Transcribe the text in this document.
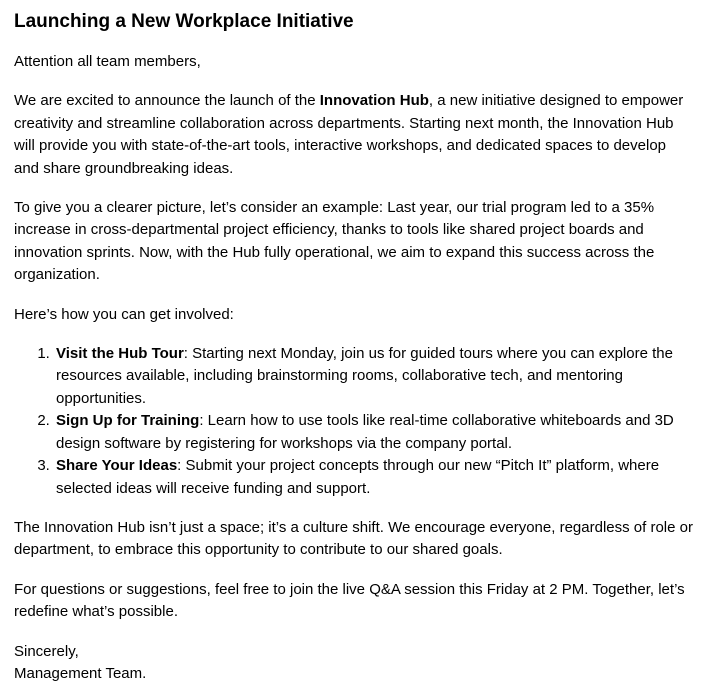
Launching a New Workplace Initiative

Attention all team members,

We are excited to announce the launch of the Innovation Hub, a new initiative designed to empower creativity and streamline collaboration across departments. Starting next month, the Innovation Hub will provide you with state-of-the-art tools, interactive workshops, and dedicated spaces to develop and share groundbreaking ideas.

To give you a clearer picture, let’s consider an example: Last year, our trial program led to a 35% increase in cross-departmental project efficiency, thanks to tools like shared project boards and innovation sprints. Now, with the Hub fully operational, we aim to expand this success across the organization.

Here’s how you can get involved:

1. Visit the Hub Tour: Starting next Monday, join us for guided tours where you can explore the resources available, including brainstorming rooms, collaborative tech, and mentoring opportunities.
2. Sign Up for Training: Learn how to use tools like real-time collaborative whiteboards and 3D design software by registering for workshops via the company portal.
3. Share Your Ideas: Submit your project concepts through our new “Pitch It” platform, where selected ideas will receive funding and support.

The Innovation Hub isn’t just a space; it’s a culture shift. We encourage everyone, regardless of role or department, to embrace this opportunity to contribute to our shared goals.

For questions or suggestions, feel free to join the live Q&A session this Friday at 2 PM. Together, let’s redefine what’s possible.

Sincerely,
Management Team.
